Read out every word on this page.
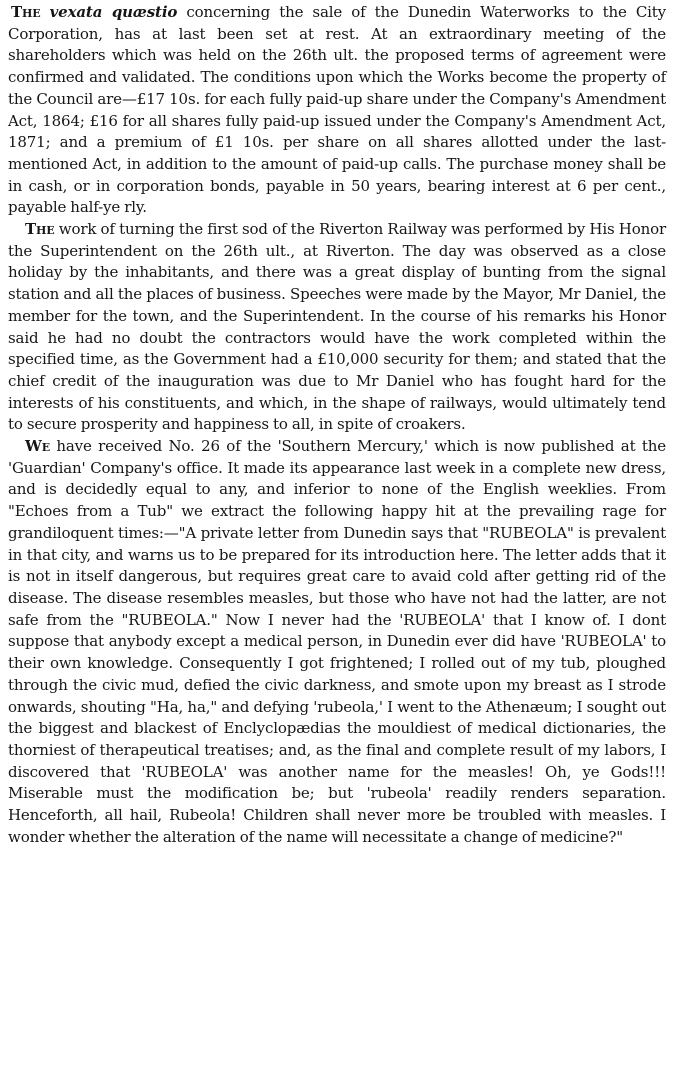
The vexata quæstio concerning the sale of the Dunedin Waterworks to the City Corporation, has at last been set at rest. At an extraordinary meeting of the shareholders which was held on the 26th ult. the proposed terms of agreement were confirmed and validated. The conditions upon which the Works become the property of the Council are—£17 10s. for each fully paid-up share under the Company's Amendment Act, 1864; £16 for all shares fully paid-up issued under the Company's Amendment Act, 1871; and a premium of £1 10s. per share on all shares allotted under the last-mentioned Act, in addition to the amount of paid-up calls. The purchase money shall be in cash, or in corporation bonds, payable in 50 years, bearing interest at 6 per cent., payable half-ye rly.

The work of turning the first sod of the Riverton Railway was performed by His Honor the Superintendent on the 26th ult., at Riverton. The day was observed as a close holiday by the inhabitants, and there was a great display of bunting from the signal station and all the places of business. Speeches were made by the Mayor, Mr Daniel, the member for the town, and the Superintendent. In the course of his remarks his Honor said he had no doubt the contractors would have the work completed within the specified time, as the Government had a £10,000 security for them; and stated that the chief credit of the inauguration was due to Mr Daniel who has fought hard for the interests of his constituents, and which, in the shape of railways, would ultimately tend to secure prosperity and happiness to all, in spite of croakers.

We have received No. 26 of the 'Southern Mercury,' which is now published at the 'Guardian' Company's office. It made its appearance last week in a complete new dress, and is decidedly equal to any, and inferior to none of the English weeklies. From "Echoes from a Tub" we extract the following happy hit at the prevailing rage for grandiloquent times:—"A private letter from Dunedin says that "RUBEOLA" is prevalent in that city, and warns us to be prepared for its introduction here. The letter adds that it is not in itself dangerous, but requires great care to avaid cold after getting rid of the disease. The disease resembles measles, but those who have not had the latter, are not safe from the "RUBEOLA." Now I never had the 'RUBEOLA' that I know of. I dont suppose that anybody except a medical person, in Dunedin ever did have 'RUBEOLA' to their own knowledge. Consequently I got frightened; I rolled out of my tub, ploughed through the civic mud, defied the civic darkness, and smote upon my breast as I strode onwards, shouting "Ha, ha," and defying 'rubeola,' I went to the Athenæum; I sought out the biggest and blackest of Enclyclopædias the mouldiest of medical dictionaries, the thorniest of therapeutical treatises; and, as the final and complete result of my labors, I discovered that 'RUBEOLA' was another name for the measles! Oh, ye Gods!!! Miserable must the modification be; but 'rubeola' readily renders separation. Henceforth, all hail, Rubeola! Children shall never more be troubled with measles. I wonder whether the alteration of the name will necessitate a change of medicine?"
